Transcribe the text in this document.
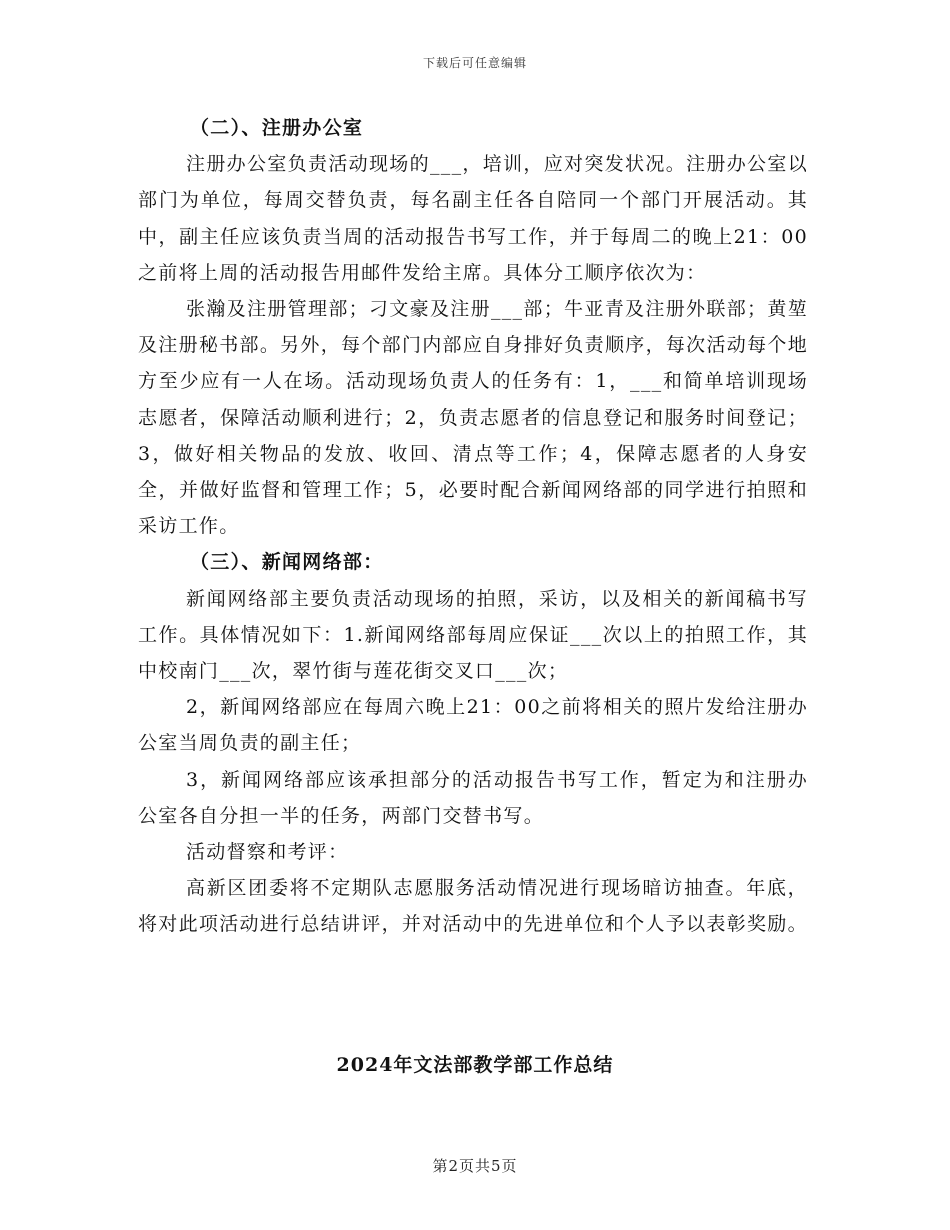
下载后可任意编辑

（二）、注册办公室

注册办公室负责活动现场的___，培训，应对突发状况。注册办公室以部门为单位，每周交替负责，每名副主任各自陪同一个部门开展活动。其中，副主任应该负责当周的活动报告书写工作，并于每周二的晚上21：00之前将上周的活动报告用邮件发给主席。具体分工顺序依次为：

张瀚及注册管理部；刁文豪及注册___部；牛亚青及注册外联部；黄堃及注册秘书部。另外，每个部门内部应自身排好负责顺序，每次活动每个地方至少应有一人在场。活动现场负责人的任务有：1，___和简单培训现场志愿者，保障活动顺利进行；2，负责志愿者的信息登记和服务时间登记；3，做好相关物品的发放、收回、清点等工作；4，保障志愿者的人身安全，并做好监督和管理工作；5，必要时配合新闻网络部的同学进行拍照和采访工作。

（三）、新闻网络部：

新闻网络部主要负责活动现场的拍照，采访，以及相关的新闻稿书写工作。具体情况如下：1.新闻网络部每周应保证___次以上的拍照工作，其中校南门___次，翠竹街与莲花街交叉口___次；

2，新闻网络部应在每周六晚上21：00之前将相关的照片发给注册办公室当周负责的副主任；

3，新闻网络部应该承担部分的活动报告书写工作，暂定为和注册办公室各自分担一半的任务，两部门交替书写。

活动督察和考评：

高新区团委将不定期队志愿服务活动情况进行现场暗访抽查。年底，将对此项活动进行总结讲评，并对活动中的先进单位和个人予以表彰奖励。

2024年文法部教学部工作总结
第2页共5页
